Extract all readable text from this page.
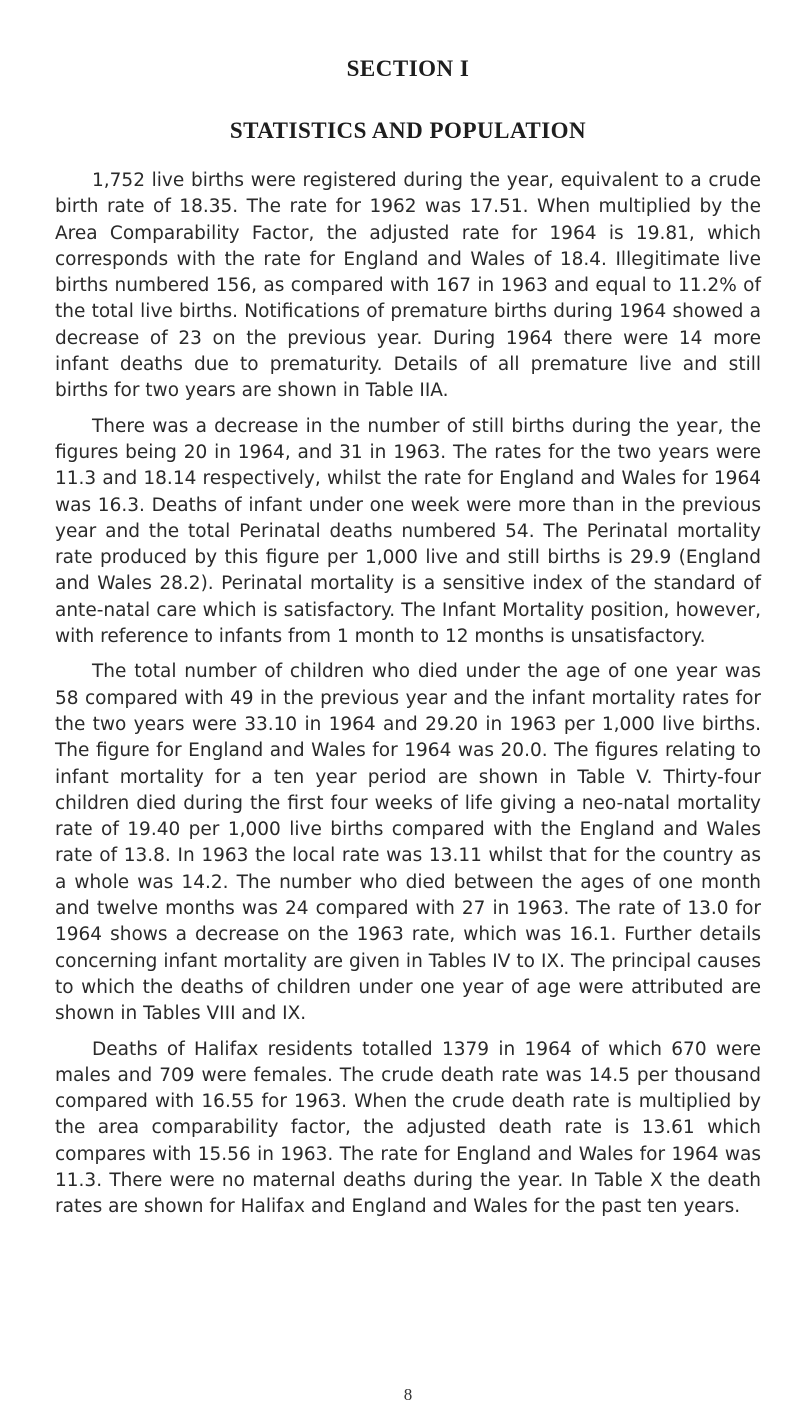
SECTION I
STATISTICS AND POPULATION

1,752 live births were registered during the year, equivalent to a crude birth rate of 18.35. The rate for 1962 was 17.51. When multiplied by the Area Comparability Factor, the adjusted rate for 1964 is 19.81, which corresponds with the rate for England and Wales of 18.4. Illegitimate live births numbered 156, as compared with 167 in 1963 and equal to 11.2% of the total live births. Notifications of premature births during 1964 showed a decrease of 23 on the previous year. During 1964 there were 14 more infant deaths due to prematurity. Details of all premature live and still births for two years are shown in Table IIA.

There was a decrease in the number of still births during the year, the figures being 20 in 1964, and 31 in 1963. The rates for the two years were 11.3 and 18.14 respectively, whilst the rate for England and Wales for 1964 was 16.3. Deaths of infant under one week were more than in the previous year and the total Perinatal deaths numbered 54. The Perinatal mortality rate produced by this figure per 1,000 live and still births is 29.9 (England and Wales 28.2). Perinatal mortality is a sensitive index of the standard of ante-natal care which is satisfactory. The Infant Mortality position, however, with reference to infants from 1 month to 12 months is unsatisfactory.

The total number of children who died under the age of one year was 58 compared with 49 in the previous year and the infant mortality rates for the two years were 33.10 in 1964 and 29.20 in 1963 per 1,000 live births. The figure for England and Wales for 1964 was 20.0. The figures relating to infant mortality for a ten year period are shown in Table V. Thirty-four children died during the first four weeks of life giving a neo-natal mortality rate of 19.40 per 1,000 live births compared with the England and Wales rate of 13.8. In 1963 the local rate was 13.11 whilst that for the country as a whole was 14.2. The number who died between the ages of one month and twelve months was 24 compared with 27 in 1963. The rate of 13.0 for 1964 shows a decrease on the 1963 rate, which was 16.1. Further details concerning infant mortality are given in Tables IV to IX. The principal causes to which the deaths of children under one year of age were attributed are shown in Tables VIII and IX.

Deaths of Halifax residents totalled 1379 in 1964 of which 670 were males and 709 were females. The crude death rate was 14.5 per thousand compared with 16.55 for 1963. When the crude death rate is multiplied by the area comparability factor, the adjusted death rate is 13.61 which compares with 15.56 in 1963. The rate for England and Wales for 1964 was 11.3. There were no maternal deaths during the year. In Table X the death rates are shown for Halifax and England and Wales for the past ten years.

8
